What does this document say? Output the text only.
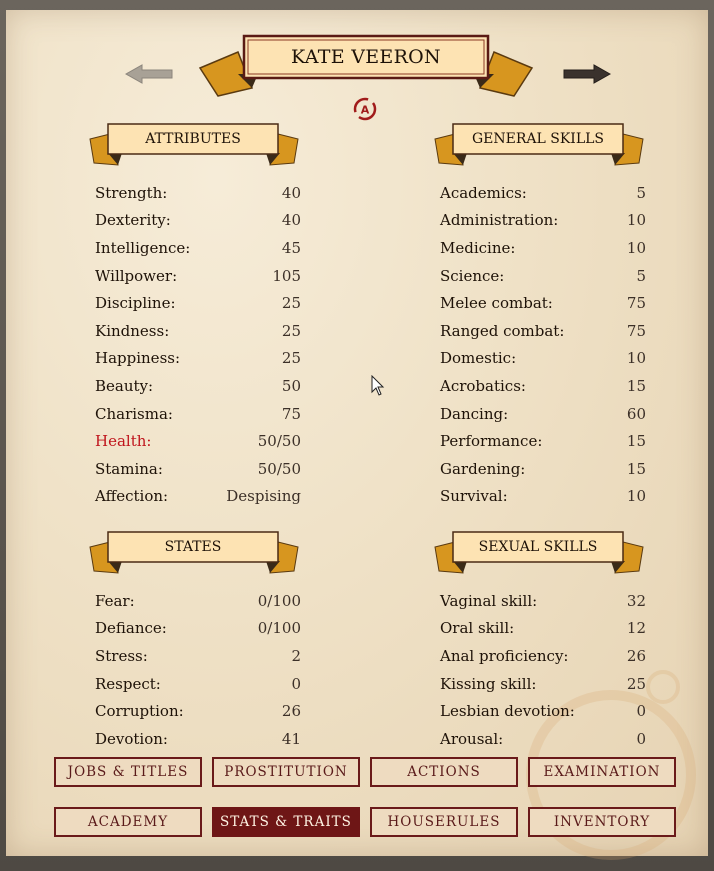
KATE VEERON
A
ATTRIBUTES	GENERAL SKILLS
STATES	SEXUAL SKILLS
Strength:	40
Dexterity:	40
Intelligence:	45
Willpower:	105
Discipline:	25
Kindness:	25
Happiness:	25
Beauty:	50
Charisma:	75
Health:	50/50
Stamina:	50/50
Affection:	Despising
Academics:	5
Administration:	10
Medicine:	10
Science:	5
Melee combat:	75
Ranged combat:	75
Domestic:	10
Acrobatics:	15
Dancing:	60
Performance:	15
Gardening:	15
Survival:	10
Fear:	0/100
Defiance:	0/100
Stress:	2
Respect:	0
Corruption:	26
Devotion:	41
Vaginal skill:	32
Oral skill:	12
Anal proficiency:	26
Kissing skill:	25
Lesbian devotion:	0
Arousal:	0
JOBS & TITLES	PROSTITUTION	ACTIONS	EXAMINATION
ACADEMY	STATS & TRAITS	HOUSERULES	INVENTORY
